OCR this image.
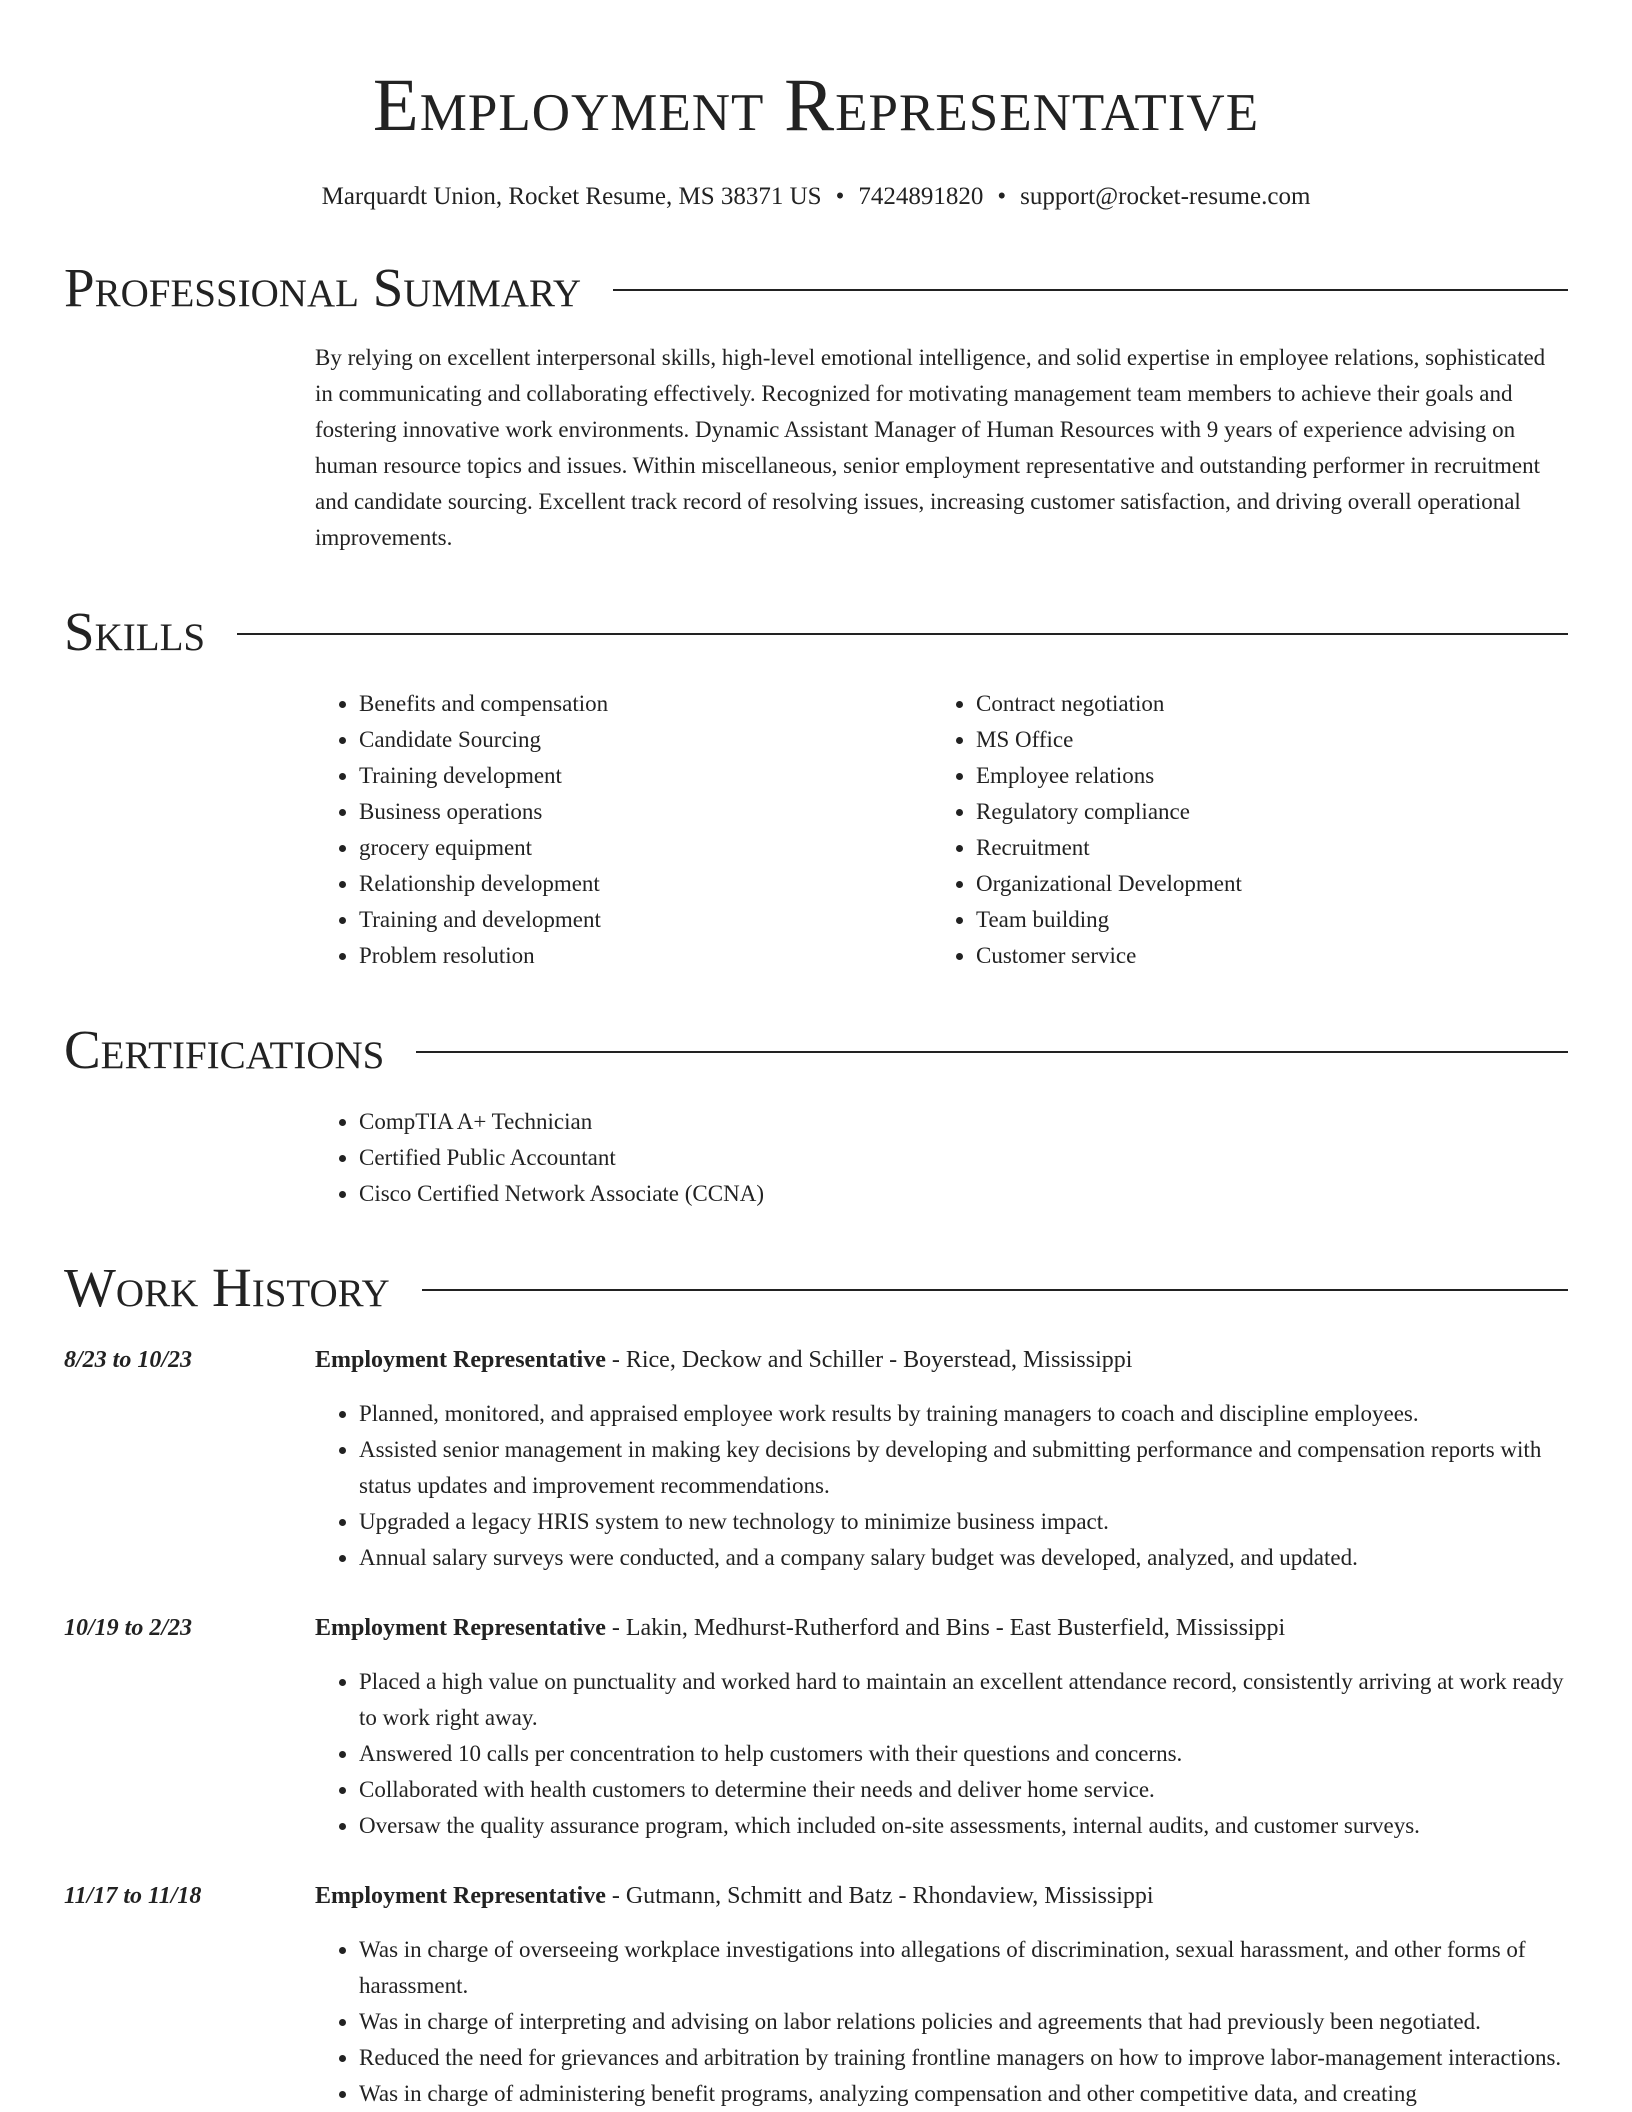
Employment Representative
Marquardt Union, Rocket Resume, MS 38371 US • 7424891820 • support@rocket-resume.com
Professional Summary

By relying on excellent interpersonal skills, high-level emotional intelligence, and solid expertise in employee relations, sophisticated in communicating and collaborating effectively. Recognized for motivating management team members to achieve their goals and fostering innovative work environments. Dynamic Assistant Manager of Human Resources with 9 years of experience advising on human resource topics and issues. Within miscellaneous, senior employment representative and outstanding performer in recruitment and candidate sourcing. Excellent track record of resolving issues, increasing customer satisfaction, and driving overall operational improvements.

Skills
• Benefits and compensation
• Candidate Sourcing
• Training development
• Business operations
• grocery equipment
• Relationship development
• Training and development
• Problem resolution
• Contract negotiation
• MS Office
• Employee relations
• Regulatory compliance
• Recruitment
• Organizational Development
• Team building
• Customer service
Certifications
• CompTIA A+ Technician
• Certified Public Accountant
• Cisco Certified Network Associate (CCNA)
Work History
8/23 to 10/23	Employment Representative - Rice, Deckow and Schiller - Boyerstead, Mississippi
• Planned, monitored, and appraised employee work results by training managers to coach and discipline employees.
• Assisted senior management in making key decisions by developing and submitting performance and compensation reports with status updates and improvement recommendations.
• Upgraded a legacy HRIS system to new technology to minimize business impact.
• Annual salary surveys were conducted, and a company salary budget was developed, analyzed, and updated.
10/19 to 2/23	Employment Representative - Lakin, Medhurst-Rutherford and Bins - East Busterfield, Mississippi
• Placed a high value on punctuality and worked hard to maintain an excellent attendance record, consistently arriving at work ready to work right away.
• Answered 10 calls per concentration to help customers with their questions and concerns.
• Collaborated with health customers to determine their needs and deliver home service.
• Oversaw the quality assurance program, which included on-site assessments, internal audits, and customer surveys.
11/17 to 11/18	Employment Representative - Gutmann, Schmitt and Batz - Rhondaview, Mississippi
• Was in charge of overseeing workplace investigations into allegations of discrimination, sexual harassment, and other forms of harassment.
• Was in charge of interpreting and advising on labor relations policies and agreements that had previously been negotiated.
• Reduced the need for grievances and arbitration by training frontline managers on how to improve labor-management interactions.
• Was in charge of administering benefit programs, analyzing compensation and other competitive data, and creating
